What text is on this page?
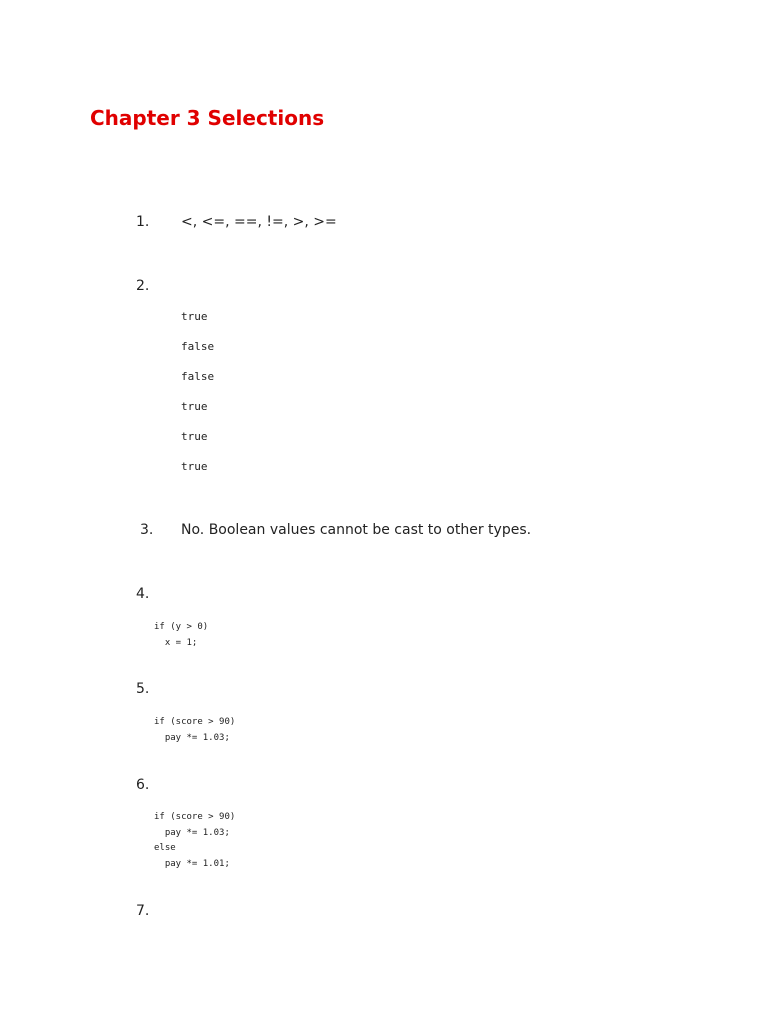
Chapter 3 Selections
1. <, <=, ==, !=, >, >=
2.
true
false
false
true
true
true
3. No. Boolean values cannot be cast to other types.
4.
if (y > 0)
x = 1;
5.
if (score > 90)
pay *= 1.03;
6.
if (score > 90)
pay *= 1.03;
else
pay *= 1.01;
7.
